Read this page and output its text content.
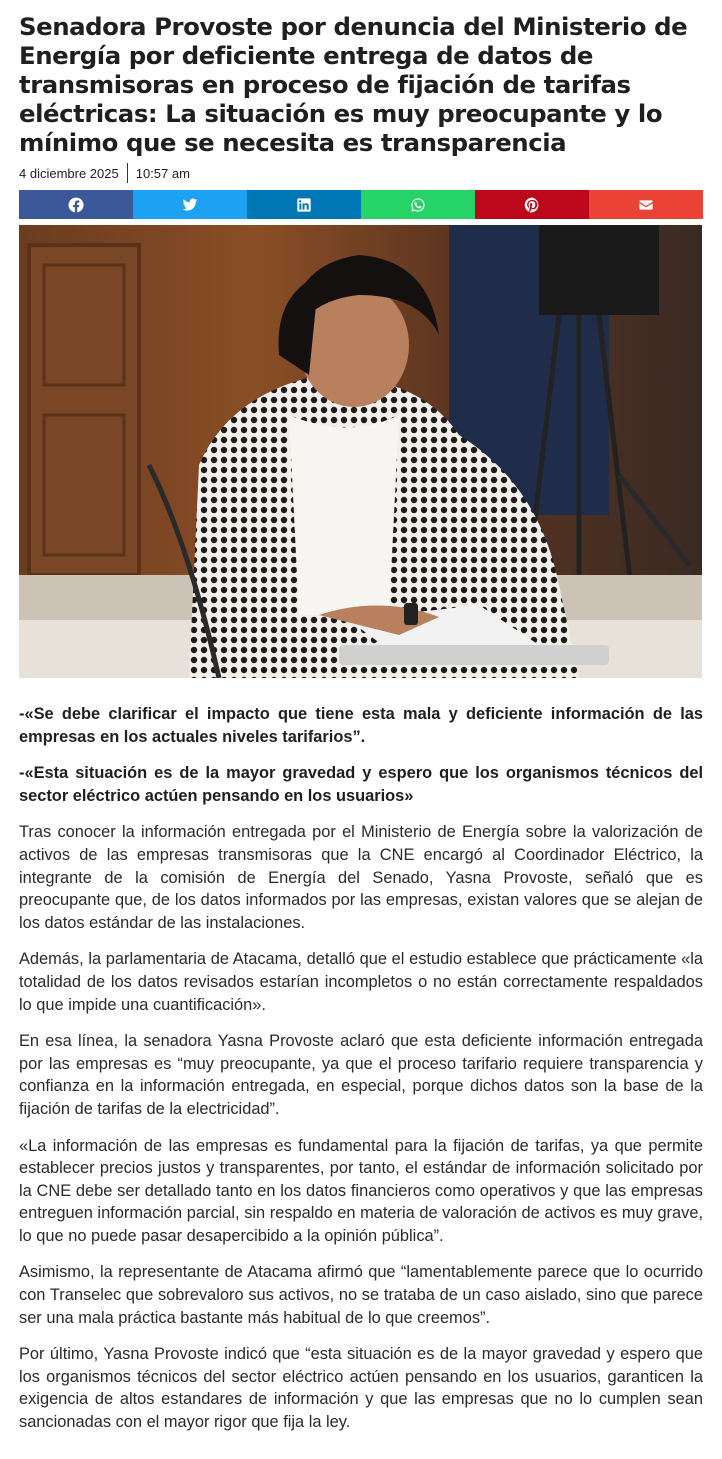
Senadora Provoste por denuncia del Ministerio de Energía por deficiente entrega de datos de transmisoras en proceso de fijación de tarifas eléctricas: La situación es muy preocupante y lo mínimo que se necesita es transparencia
4 diciembre 2025 10:57 am

-«Se debe clarificar el impacto que tiene esta mala y deficiente información de las empresas en los actuales niveles tarifarios”.

-«Esta situación es de la mayor gravedad y espero que los organismos técnicos del sector eléctrico actúen pensando en los usuarios»

Tras conocer la información entregada por el Ministerio de Energía sobre la valorización de activos de las empresas transmisoras que la CNE encargó al Coordinador Eléctrico, la integrante de la comisión de Energía del Senado, Yasna Provoste, señaló que es preocupante que, de los datos informados por las empresas, existan valores que se alejan de los datos estándar de las instalaciones.

Además, la parlamentaria de Atacama, detalló que el estudio establece que prácticamente «la totalidad de los datos revisados estarían incompletos o no están correctamente respaldados lo que impide una cuantificación».

En esa línea, la senadora Yasna Provoste aclaró que esta deficiente información entregada por las empresas es “muy preocupante, ya que el proceso tarifario requiere transparencia y confianza en la información entregada, en especial, porque dichos datos son la base de la fijación de tarifas de la electricidad”.

«La información de las empresas es fundamental para la fijación de tarifas, ya que permite establecer precios justos y transparentes, por tanto, el estándar de información solicitado por la CNE debe ser detallado tanto en los datos financieros como operativos y que las empresas entreguen información parcial, sin respaldo en materia de valoración de activos es muy grave, lo que no puede pasar desapercibido a la opinión pública”.

Asimismo, la representante de Atacama afirmó que “lamentablemente parece que lo ocurrido con Transelec que sobrevaloro sus activos, no se trataba de un caso aislado, sino que parece ser una mala práctica bastante más habitual de lo que creemos”.

Por último, Yasna Provoste indicó que “esta situación es de la mayor gravedad y espero que los organismos técnicos del sector eléctrico actúen pensando en los usuarios, garanticen la exigencia de altos estandares de información y que las empresas que no lo cumplen sean sancionadas con el mayor rigor que fija la ley.
